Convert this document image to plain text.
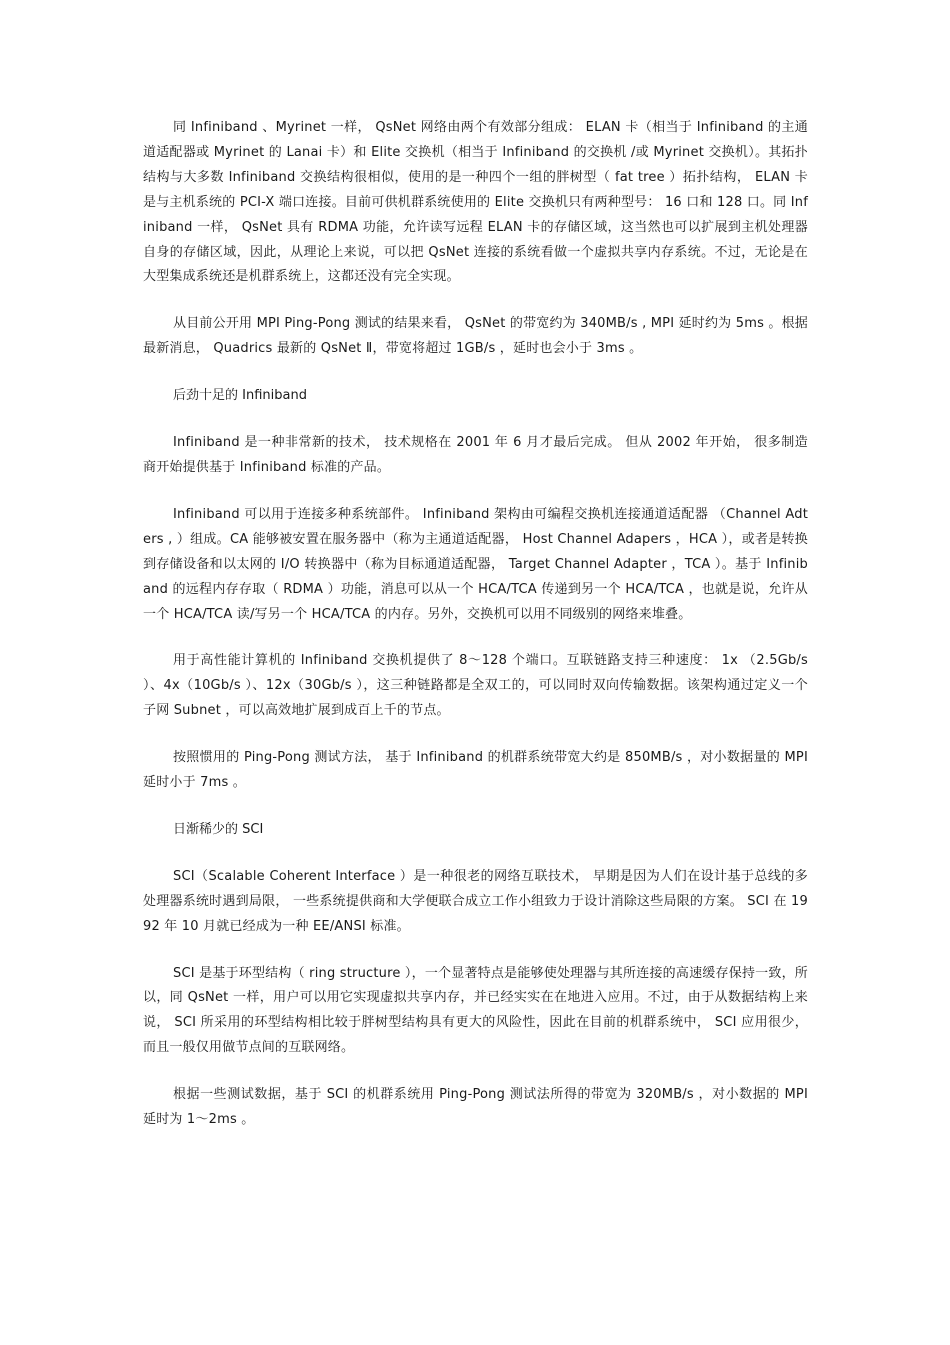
同 Infiniband 、Myrinet 一样， QsNet 网络由两个有效部分组成： ELAN 卡（相当于 Infiniband 的主通道适配器或 Myrinet 的 Lanai 卡）和 Elite 交换机（相当于 Infiniband 的交换机 /或 Myrinet 交换机）。其拓扑结构与大多数 Infiniband 交换结构很相似，使用的是一种四个一组的胖树型（ fat tree ）拓扑结构， ELAN 卡是与主机系统的 PCI-X 端口连接。目前可供机群系统使用的 Elite 交换机只有两种型号： 16 口和 128 口。同 Infiniband 一样， QsNet 具有 RDMA 功能，允许读写远程 ELAN 卡的存储区域，这当然也可以扩展到主机处理器自身的存储区域，因此，从理论上来说，可以把 QsNet 连接的系统看做一个虚拟共享内存系统。不过，无论是在大型集成系统还是机群系统上，这都还没有完全实现。

从目前公开用 MPI Ping-Pong 测试的结果来看， QsNet 的带宽约为 340MB/s , MPI 延时约为 5ms 。根据最新消息， Quadrics 最新的 QsNet Ⅱ，带宽将超过 1GB/s ，延时也会小于 3ms 。

后劲十足的 Infiniband

Infiniband 是一种非常新的技术， 技术规格在 2001 年 6 月才最后完成。 但从 2002 年开始， 很多制造商开始提供基于 Infiniband 标准的产品。

Infiniband 可以用于连接多种系统部件。 Infiniband 架构由可编程交换机连接通道适配器 （Channel Adters , ）组成。CA 能够被安置在服务器中（称为主通道适配器， Host Channel Adapers ，HCA ），或者是转换到存储设备和以太网的 I/O 转换器中（称为目标通道适配器， Target Channel Adapter ，TCA ）。基于 Infiniband 的远程内存存取（ RDMA ）功能，消息可以从一个 HCA/TCA 传递到另一个 HCA/TCA ，也就是说，允许从一个 HCA/TCA 读/写另一个 HCA/TCA 的内存。另外，交换机可以用不同级别的网络来堆叠。

用于高性能计算机的 Infiniband 交换机提供了 8～128 个端口。互联链路支持三种速度： 1x （2.5Gb/s ）、4x（10Gb/s ）、12x（30Gb/s ），这三种链路都是全双工的，可以同时双向传输数据。该架构通过定义一个子网 Subnet ，可以高效地扩展到成百上千的节点。

按照惯用的 Ping-Pong 测试方法， 基于 Infiniband 的机群系统带宽大约是 850MB/s ，对小数据量的 MPI 延时小于 7ms 。

日渐稀少的 SCI

SCI（Scalable Coherent Interface ）是一种很老的网络互联技术， 早期是因为人们在设计基于总线的多处理器系统时遇到局限， 一些系统提供商和大学便联合成立工作小组致力于设计消除这些局限的方案。 SCI 在 1992 年 10 月就已经成为一种 EE/ANSI 标准。

SCI 是基于环型结构（ ring structure ），一个显著特点是能够使处理器与其所连接的高速缓存保持一致，所以，同 QsNet 一样，用户可以用它实现虚拟共享内存，并已经实实在在地进入应用。不过，由于从数据结构上来说， SCI 所采用的环型结构相比较于胖树型结构具有更大的风险性，因此在目前的机群系统中， SCI 应用很少，而且一般仅用做节点间的互联网络。

根据一些测试数据，基于 SCI 的机群系统用 Ping-Pong 测试法所得的带宽为 320MB/s ，对小数据的 MPI 延时为 1～2ms 。
